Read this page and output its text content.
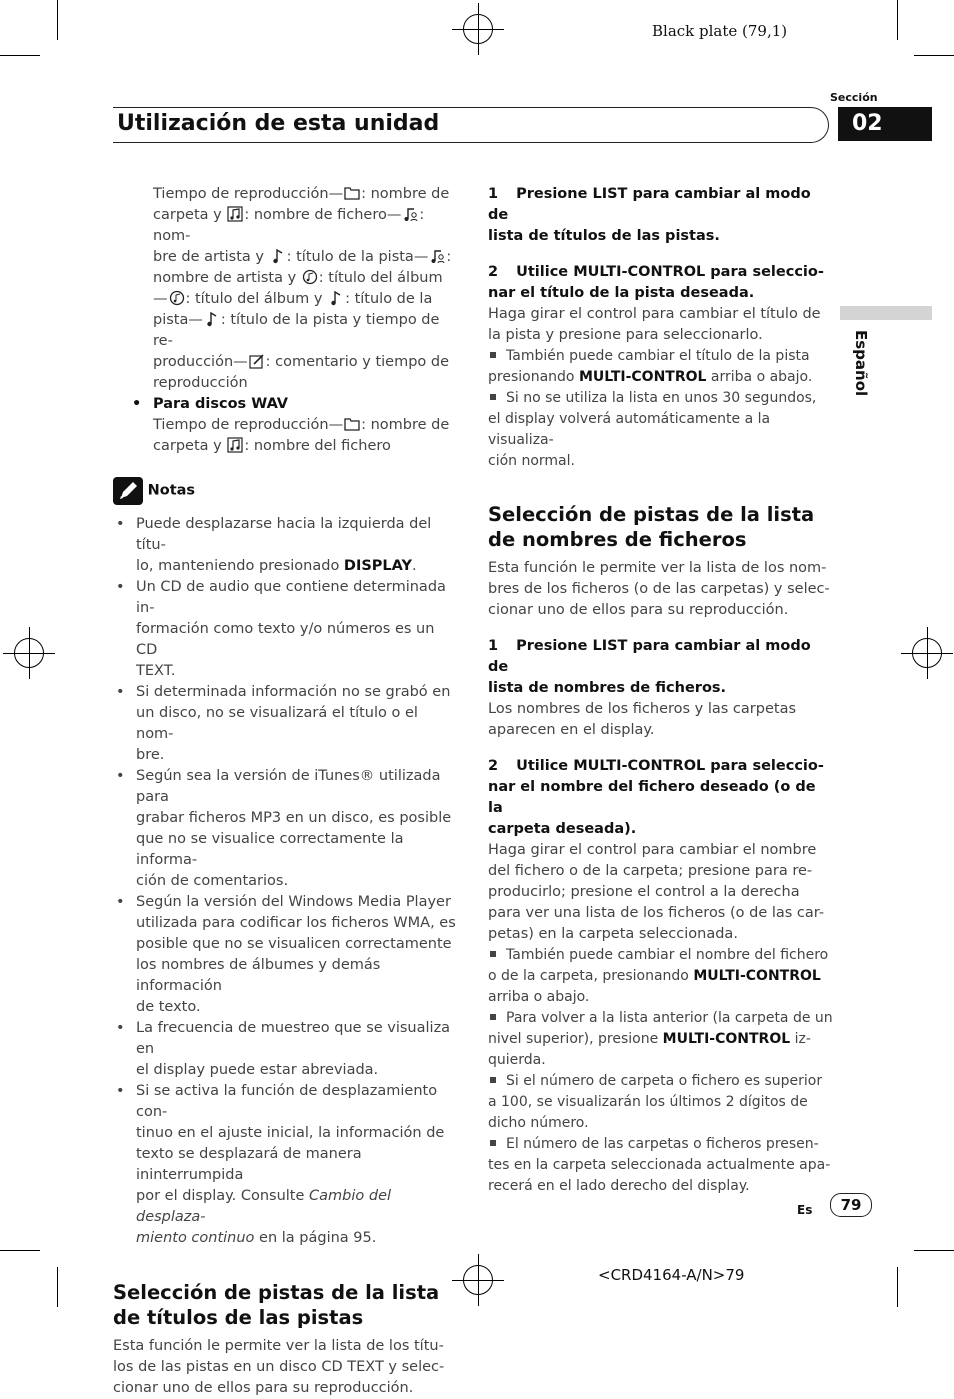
Black plate (79,1)
Sección
Utilización de esta unidad	02
Español

Tiempo de reproducción— : nombre de

carpeta y : nombre de fichero— : nom-

bre de artista y : título de la pista— :

nombre de artista y : título del álbum

— : título del álbum y : título de la

pista— : título de la pista y tiempo de re-

producción— : comentario y tiempo de

reproducción

• Para discos WAV

Tiempo de reproducción— : nombre de

carpeta y : nombre del fichero

Notas
• Puede desplazarse hacia la izquierda del títu-
lo, manteniendo presionado DISPLAY.
• Un CD de audio que contiene determinada in-
formación como texto y/o números es un CD
TEXT.
• Si determinada información no se grabó en
un disco, no se visualizará el título o el nom-
bre.
• Según sea la versión de iTunes® utilizada para
grabar ficheros MP3 en un disco, es posible
que no se visualice correctamente la informa-
ción de comentarios.
• Según la versión del Windows Media Player
utilizada para codificar los ficheros WMA, es
posible que no se visualicen correctamente
los nombres de álbumes y demás información
de texto.
• La frecuencia de muestreo que se visualiza en
el display puede estar abreviada.
• Si se activa la función de desplazamiento con-
tinuo en el ajuste inicial, la información de
texto se desplazará de manera ininterrumpida
por el display. Consulte Cambio del desplaza-
miento continuo en la página 95.
Selección de pistas de la lista
de títulos de las pistas
Esta función le permite ver la lista de los títu-
los de las pistas en un disco CD TEXT y selec-
cionar uno de ellos para su reproducción.
1 Presione LIST para cambiar al modo de
lista de títulos de las pistas.
2 Utilice MULTI-CONTROL para seleccio-
nar el título de la pista deseada.
Haga girar el control para cambiar el título de
la pista y presione para seleccionarlo.
También puede cambiar el título de la pista
presionando MULTI-CONTROL arriba o abajo.
Si no se utiliza la lista en unos 30 segundos,
el display volverá automáticamente a la visualiza-
ción normal.
Selección de pistas de la lista
de nombres de ficheros
Esta función le permite ver la lista de los nom-
bres de los ficheros (o de las carpetas) y selec-
cionar uno de ellos para su reproducción.
1 Presione LIST para cambiar al modo de
lista de nombres de ficheros.
Los nombres de los ficheros y las carpetas
aparecen en el display.
2 Utilice MULTI-CONTROL para seleccio-
nar el nombre del fichero deseado (o de la
carpeta deseada).
Haga girar el control para cambiar el nombre
del fichero o de la carpeta; presione para re-
producirlo; presione el control a la derecha
para ver una lista de los ficheros (o de las car-
petas) en la carpeta seleccionada.
También puede cambiar el nombre del fichero
o de la carpeta, presionando MULTI-CONTROL
arriba o abajo.
Para volver a la lista anterior (la carpeta de un
nivel superior), presione MULTI-CONTROL iz-
quierda.
Si el número de carpeta o fichero es superior
a 100, se visualizarán los últimos 2 dígitos de
dicho número.
El número de las carpetas o ficheros presen-
tes en la carpeta seleccionada actualmente apa-
recerá en el lado derecho del display.
Es	79
<CRD4164-A/N>79
